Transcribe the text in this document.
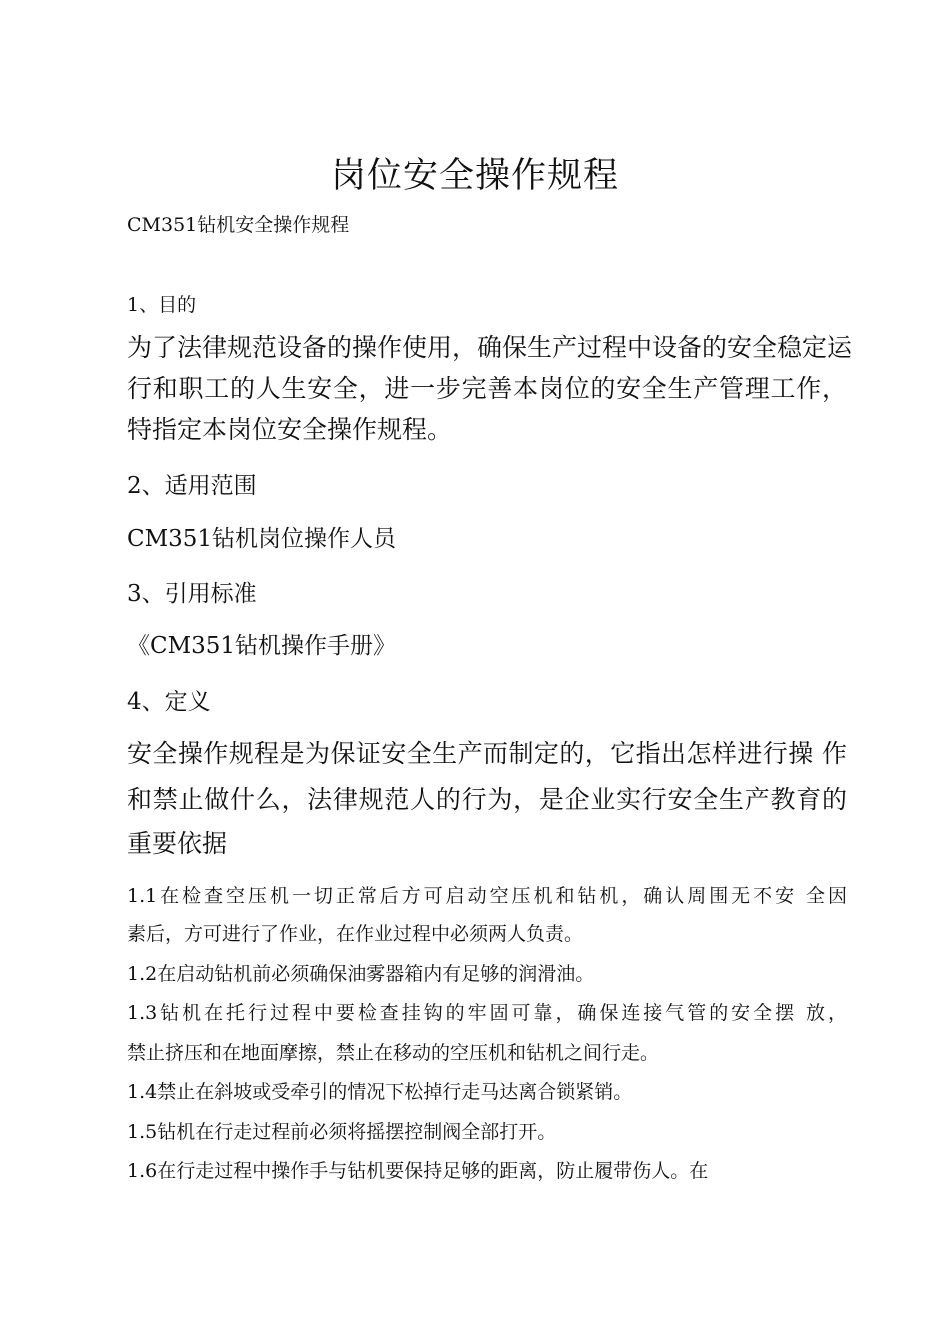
岗位安全操作规程
CM351钻机安全操作规程
1、目的
为了法律规范设备的操作使用，确保生产过程中设备的安全稳定运
行和职工的人生安全，进一步完善本岗位的安全生产管理工作，
特指定本岗位安全操作规程。
2、适用范围
CM351钻机岗位操作人员
3、引用标准
《CM351钻机操作手册》
4、定义
安全操作规程是为保证安全生产而制定的，它指出怎样进行操 作
和禁止做什么，法律规范人的行为，是企业实行安全生产教育的
重要依据
1.1在检查空压机一切正常后方可启动空压机和钻机，确认周围无不安 全因
素后，方可进行了作业，在作业过程中必须两人负责。
1.2在启动钻机前必须确保油雾器箱内有足够的润滑油。
1.3钻机在托行过程中要检查挂钩的牢固可靠，确保连接气管的安全摆 放，
禁止挤压和在地面摩擦，禁止在移动的空压机和钻机之间行走。
1.4禁止在斜坡或受牵引的情况下松掉行走马达离合锁紧销。
1.5钻机在行走过程前必须将摇摆控制阀全部打开。
1.6在行走过程中操作手与钻机要保持足够的距离，防止履带伤人。在
